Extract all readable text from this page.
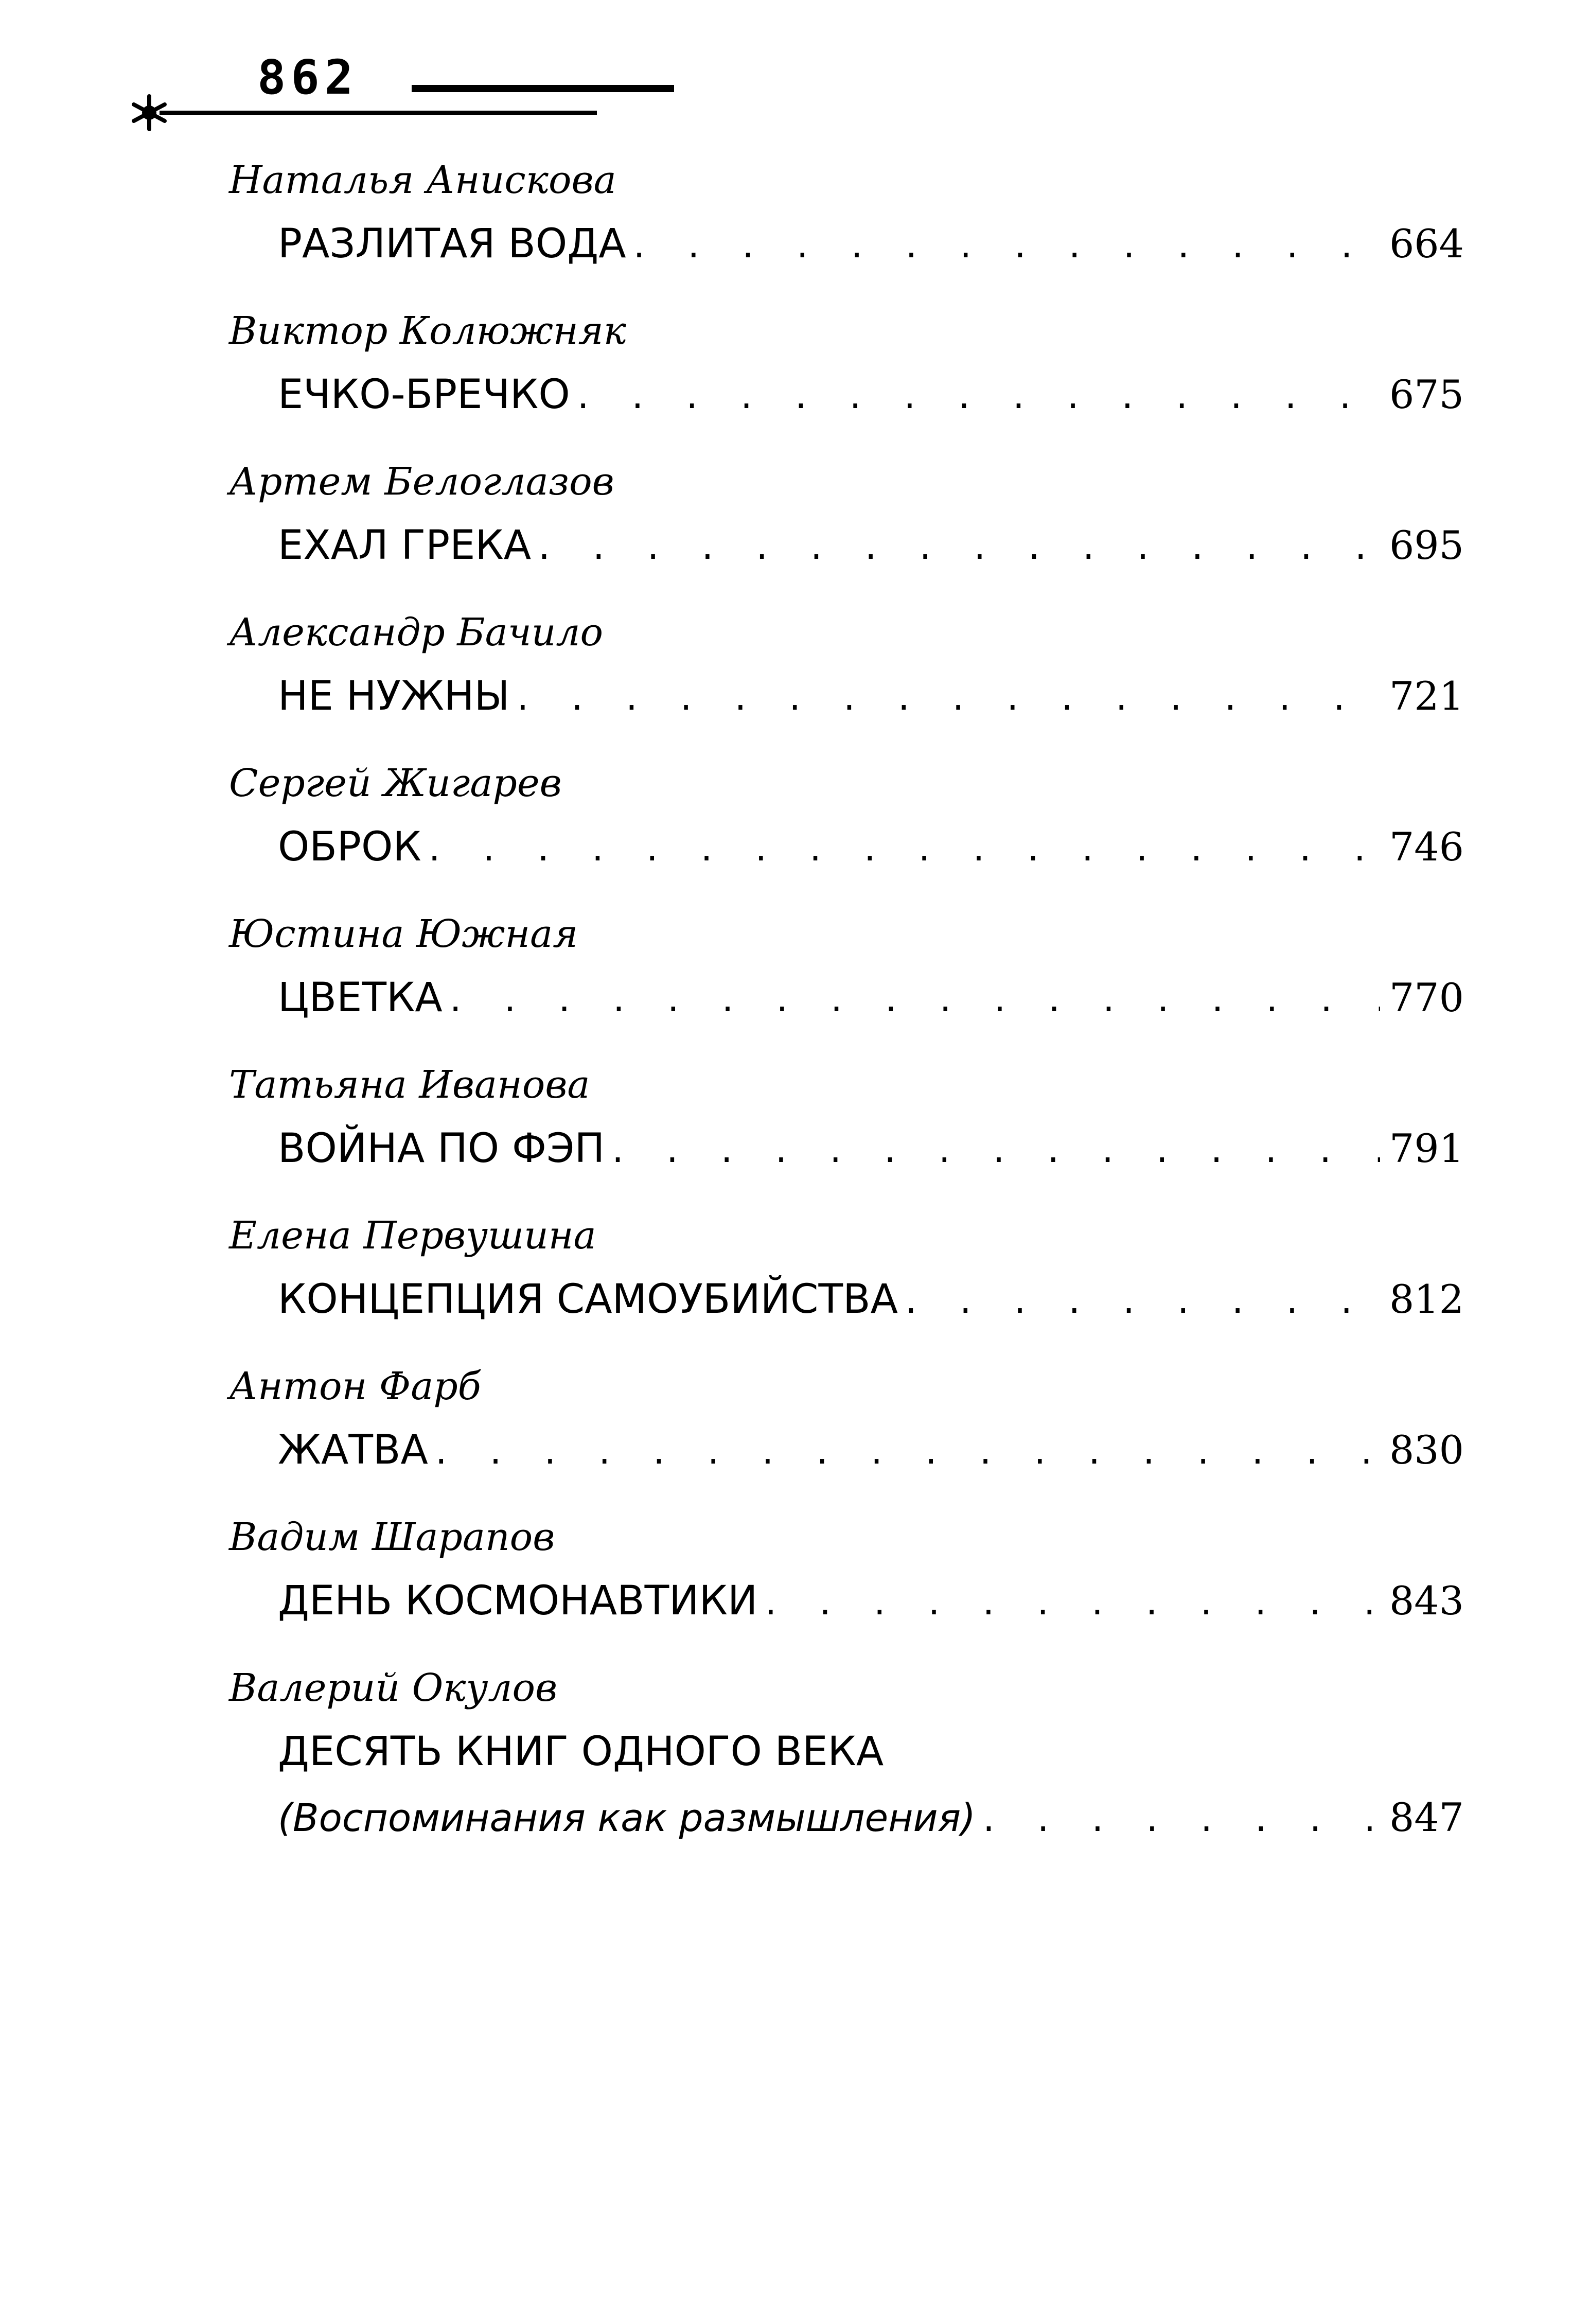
862
Наталья Анискова
РАЗЛИТАЯ ВОДА . . .	664
Виктор Колюжняк
ЕЧКО-БРЕЧКО . . .	675
Артем Белоглазов
ЕХАЛ ГРЕКА . . .	695
Александр Бачило
НЕ НУЖНЫ . . .	721
Сергей Жигарев
ОБРОК . . .	746
Юстина Южная
ЦВЕТКА . . .	770
Татьяна Иванова
ВОЙНА ПО ФЭП . . .	791
Елена Первушина
КОНЦЕПЦИЯ САМОУБИЙСТВА . . .	812
Антон Фарб
ЖАТВА . . .	830
Вадим Шарапов
ДЕНЬ КОСМОНАВТИКИ . . .	843
Валерий Окулов
ДЕСЯТЬ КНИГ ОДНОГО ВЕКА
(Воспоминания как размышления) . . .	847
